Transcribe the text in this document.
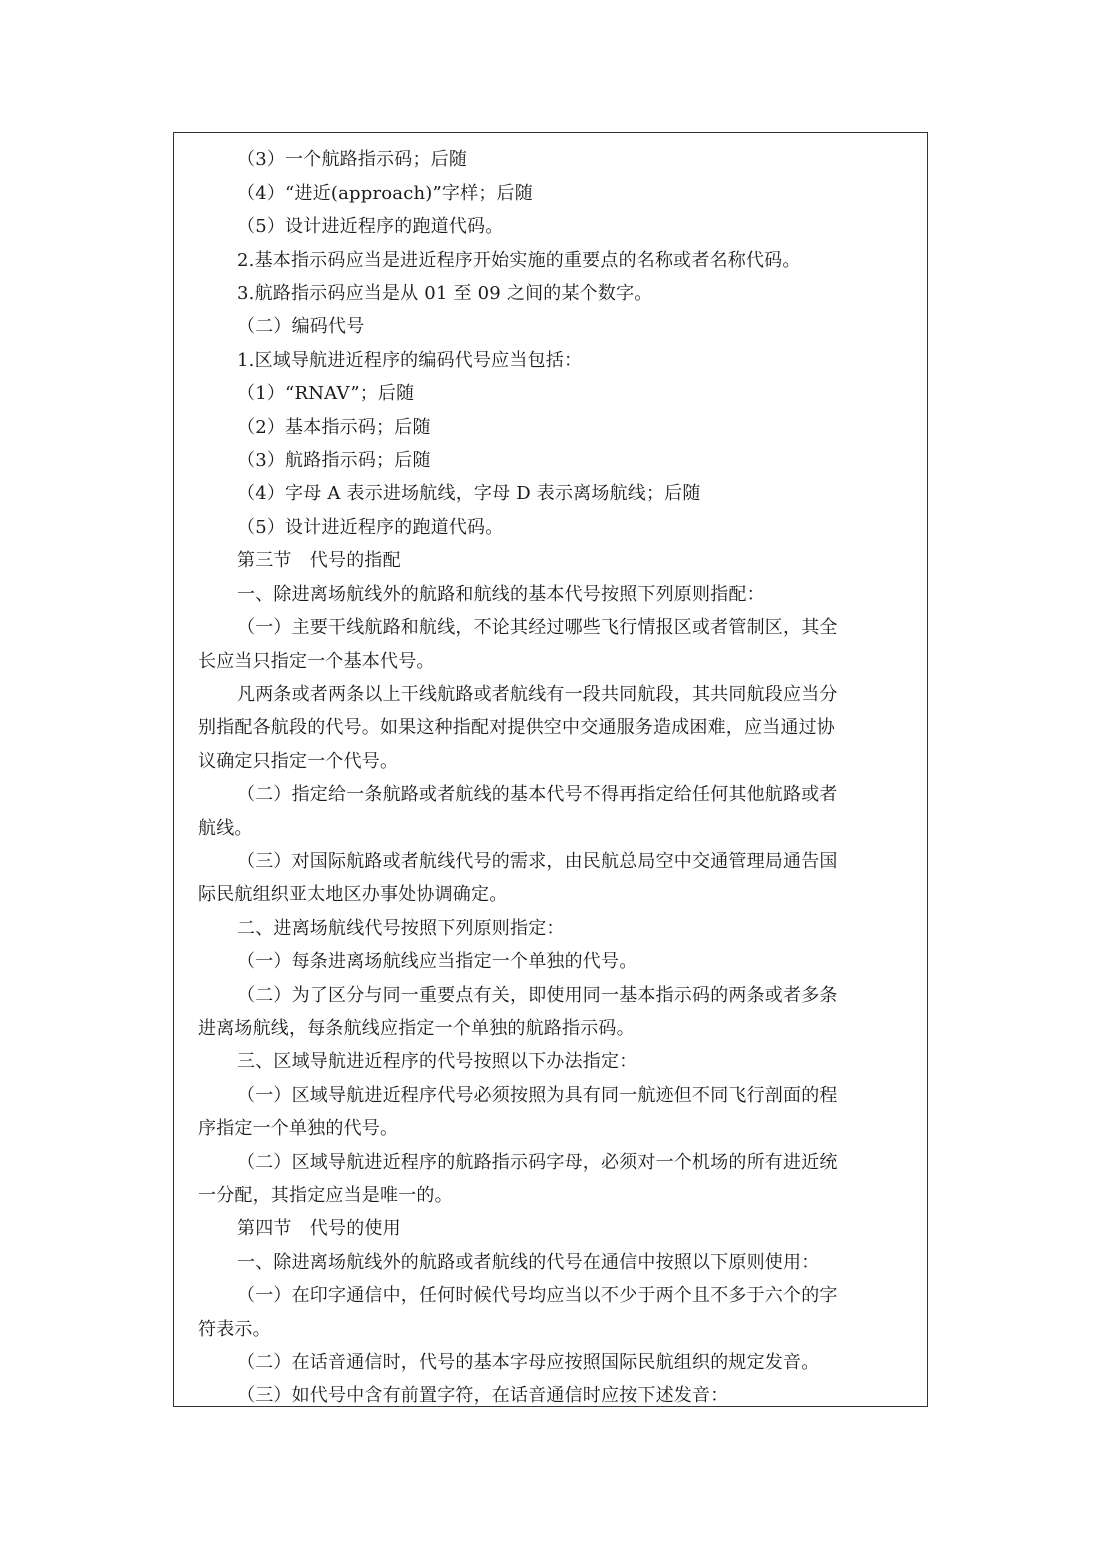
（3）一个航路指示码；后随
（4）“进近(approach)”字样；后随
（5）设计进近程序的跑道代码。
2.基本指示码应当是进近程序开始实施的重要点的名称或者名称代码。
3.航路指示码应当是从 01 至 09 之间的某个数字。
（二）编码代号
1.区域导航进近程序的编码代号应当包括：
（1）“RNAV”；后随
（2）基本指示码；后随
（3）航路指示码；后随
（4）字母 A 表示进场航线，字母 D 表示离场航线；后随
（5）设计进近程序的跑道代码。
第三节　代号的指配
一、除进离场航线外的航路和航线的基本代号按照下列原则指配：
（一）主要干线航路和航线，不论其经过哪些飞行情报区或者管制区，其全
长应当只指定一个基本代号。
凡两条或者两条以上干线航路或者航线有一段共同航段，其共同航段应当分
别指配各航段的代号。如果这种指配对提供空中交通服务造成困难，应当通过协
议确定只指定一个代号。
（二）指定给一条航路或者航线的基本代号不得再指定给任何其他航路或者
航线。
（三）对国际航路或者航线代号的需求，由民航总局空中交通管理局通告国
际民航组织亚太地区办事处协调确定。
二、进离场航线代号按照下列原则指定：
（一）每条进离场航线应当指定一个单独的代号。
（二）为了区分与同一重要点有关，即使用同一基本指示码的两条或者多条
进离场航线，每条航线应指定一个单独的航路指示码。
三、区域导航进近程序的代号按照以下办法指定：
（一）区域导航进近程序代号必须按照为具有同一航迹但不同飞行剖面的程
序指定一个单独的代号。
（二）区域导航进近程序的航路指示码字母，必须对一个机场的所有进近统
一分配，其指定应当是唯一的。
第四节　代号的使用
一、除进离场航线外的航路或者航线的代号在通信中按照以下原则使用：
（一）在印字通信中，任何时候代号均应当以不少于两个且不多于六个的字
符表示。
（二）在话音通信时，代号的基本字母应按照国际民航组织的规定发音。
（三）如代号中含有前置字符，在话音通信时应按下述发音：
